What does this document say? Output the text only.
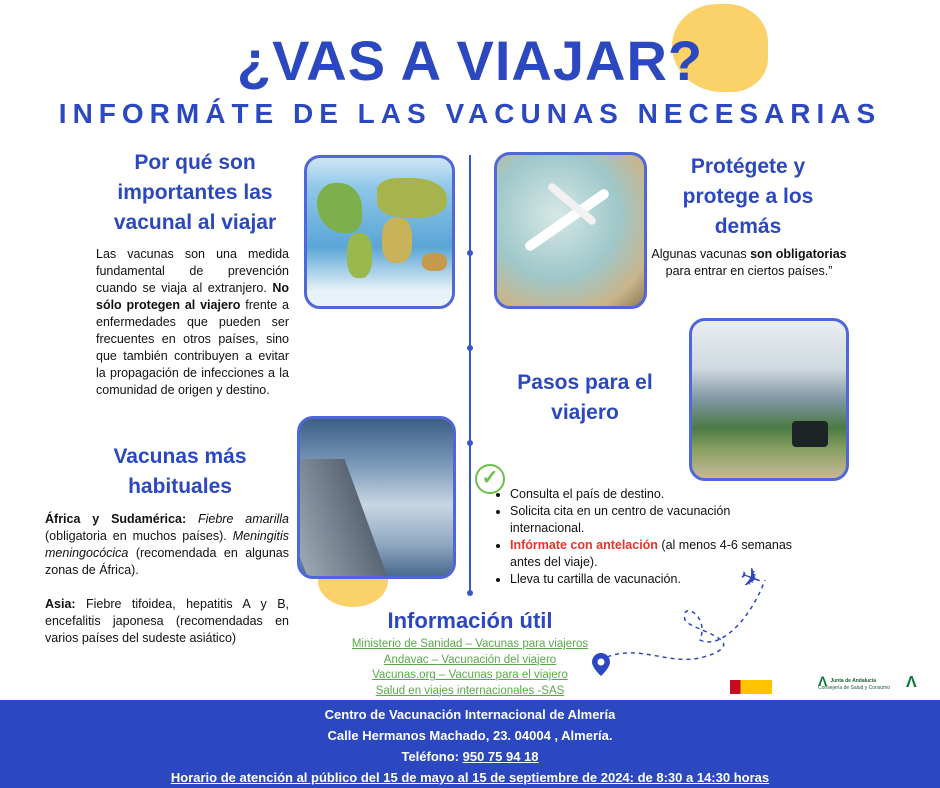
¿VAS A VIAJAR?
INFORMÁTE DE LAS VACUNAS NECESARIAS
Por qué son importantes las vacunal al viajar
Las vacunas son una medida fundamental de prevención cuando se viaja al extranjero. No sólo protegen al viajero frente a enfermedades que pueden ser frecuentes en otros países, sino que también contribuyen a evitar la propagación de infecciones a la comunidad de origen y destino.
Protégete y protege a los demás
Algunas vacunas son obligatorias para entrar en ciertos países.”
Pasos para el viajero
✓
• Consulta el país de destino.
• Solicita cita en un centro de vacunación internacional.
• Infórmate con antelación (al menos 4-6 semanas antes del viaje).
• Lleva tu cartilla de vacunación.
Vacunas más habituales
África y Sudamérica: Fiebre amarilla (obligatoria en muchos países). Meningitis meningocócica (recomendada en algunas zonas de África).
Asia: Fiebre tifoidea, hepatitis A y B, encefalitis japonesa (recomendadas en varios países del sudeste asiático)
Información útil
Ministerio de Sanidad – Vacunas para viajeros
Andavac – Vacunación del viajero
Vacunas.org – Vacunas para el viajero
Salud en viajes internacionales -SAS
✈
Λ Junta de Andalucía
Consejería de Salud y Consumo Λ
Centro de Vacunación Internacional de Almería
Calle Hermanos Machado, 23. 04004 , Almería.
Teléfono: 950 75 94 18
Horario de atención al público del 15 de mayo al 15 de septiembre de 2024: de 8:30 a 14:30 horas
